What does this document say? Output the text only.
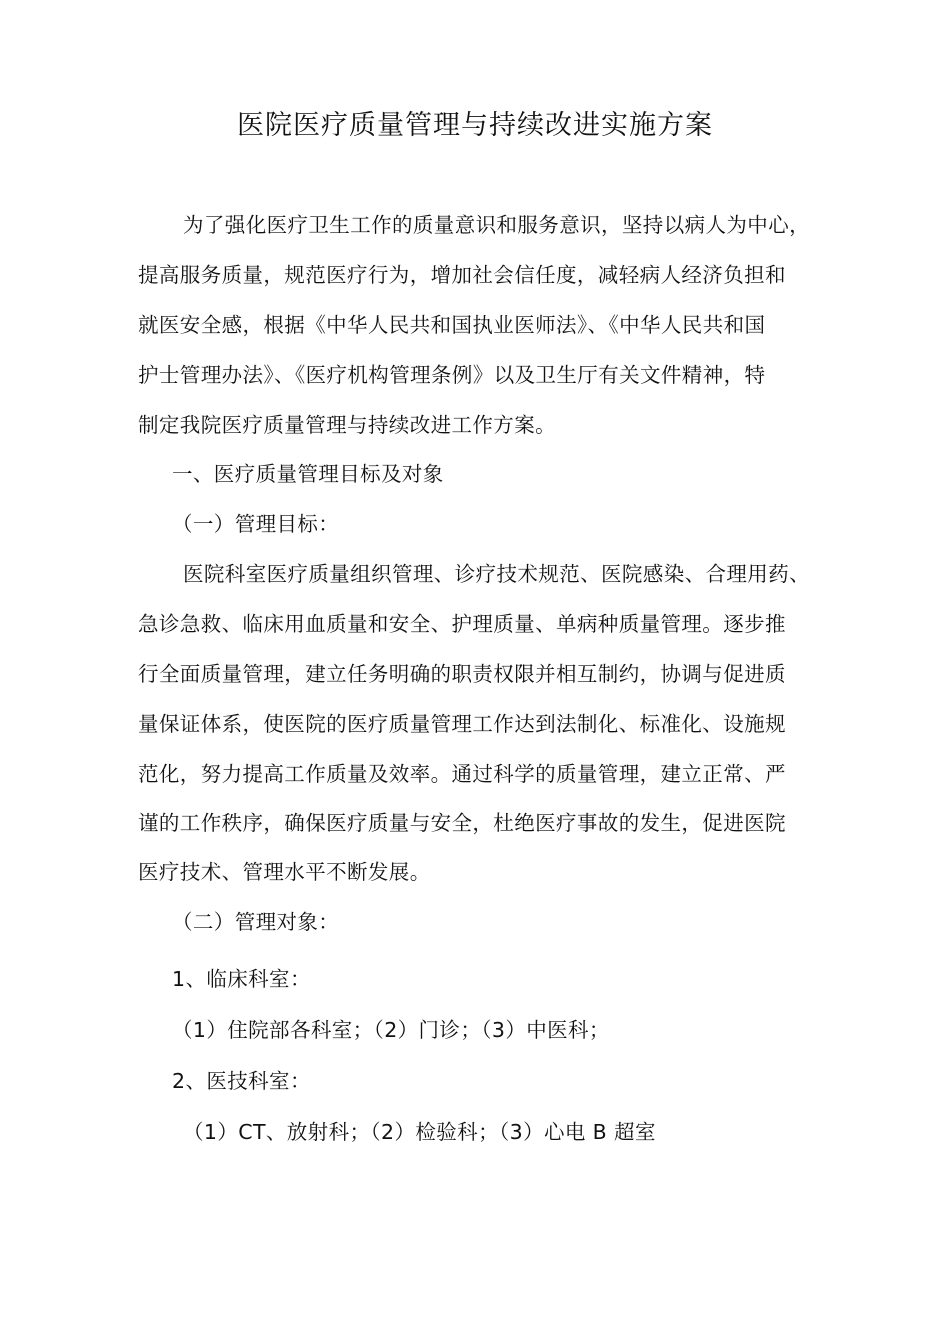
医院医疗质量管理与持续改进实施方案
为了强化医疗卫生工作的质量意识和服务意识，坚持以病人为中心，
提高服务质量，规范医疗行为，增加社会信任度，减轻病人经济负担和
就医安全感，根据《中华人民共和国执业医师法》、《中华人民共和国
护士管理办法》、《医疗机构管理条例》以及卫生厅有关文件精神，特
制定我院医疗质量管理与持续改进工作方案。
一、医疗质量管理目标及对象
（一）管理目标：
医院科室医疗质量组织管理、诊疗技术规范、医院感染、合理用药、
急诊急救、临床用血质量和安全、护理质量、单病种质量管理。逐步推
行全面质量管理，建立任务明确的职责权限并相互制约，协调与促进质
量保证体系，使医院的医疗质量管理工作达到法制化、标准化、设施规
范化，努力提高工作质量及效率。通过科学的质量管理，建立正常、严
谨的工作秩序，确保医疗质量与安全，杜绝医疗事故的发生，促进医院
医疗技术、管理水平不断发展。
（二）管理对象：
1、临床科室：
（1）住院部各科室；（2）门诊；（3）中医科；
2、医技科室：
（1）CT、放射科；（2）检验科；（3）心电 B 超室
